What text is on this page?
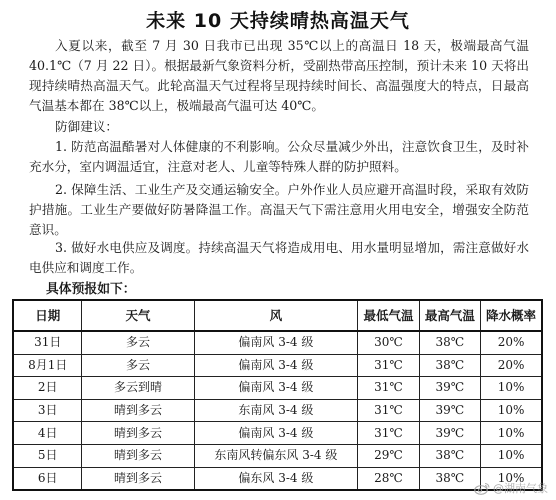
未来 10 天持续晴热高温天气
入夏以来，截至 7 月 30 日我市已出现 35℃以上的高温日 18 天，极端最高气温 40.1℃（7 月 22 日）。根据最新气象资料分析，受副热带高压控制，预计未来 10 天将出现持续晴热高温天气。此轮高温天气过程将呈现持续时间长、高温强度大的特点，日最高气温基本都在 38℃以上，极端最高气温可达 40℃。
防御建议：
1. 防范高温酷暑对人体健康的不利影响。公众尽量减少外出，注意饮食卫生，及时补充水分，室内调温适宜，注意对老人、儿童等特殊人群的防护照料。
2. 保障生活、工业生产及交通运输安全。户外作业人员应避开高温时段，采取有效防护措施。工业生产要做好防暑降温工作。高温天气下需注意用火用电安全，增强安全防范意识。
3. 做好水电供应及调度。持续高温天气将造成用电、用水量明显增加，需注意做好水电供应和调度工作。
具体预报如下：
日期	天气	风	最低气温	最高气温	降水概率
31日	多云	偏南风 3-4 级	30℃	38℃	20%
8月1日	多云	偏南风 3-4 级	31℃	38℃	20%
2日	多云到晴	偏南风 3-4 级	31℃	39℃	10%
3日	晴到多云	东南风 3-4 级	31℃	39℃	10%
4日	晴到多云	偏南风 3-4 级	31℃	39℃	10%
5日	晴到多云	东南风转偏东风 3-4 级	29℃	38℃	10%
6日	晴到多云	偏东风 3-4 级	28℃	38℃	10%
@湖南气象
